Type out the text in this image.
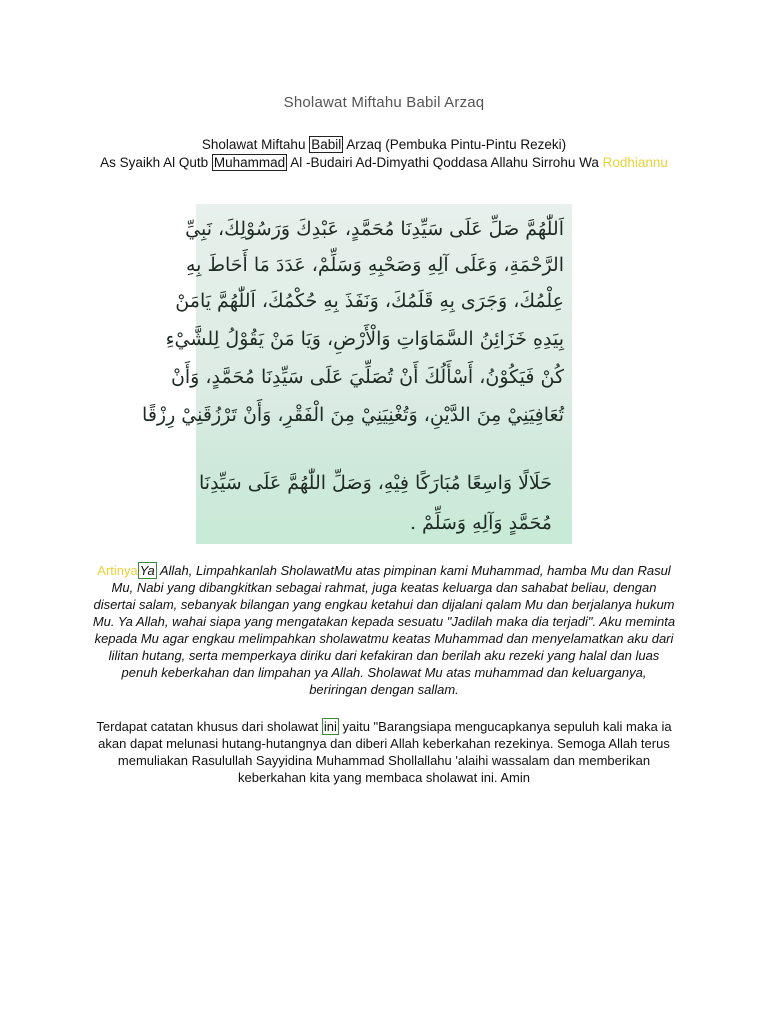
Sholawat Miftahu Babil Arzaq
Sholawat Miftahu Babil Arzaq (Pembuka Pintu-Pintu Rezeki)
As Syaikh Al Qutb Muhammad Al -Budairi Ad-Dimyathi Qoddasa Allahu Sirrohu Wa Rodhiannu
اَللّٰهُمَّ صَلِّ عَلَى سَيِّدِنَا مُحَمَّدٍ، عَبْدِكَ وَرَسُوْلِكَ، نَبِيِّ
الرَّحْمَةِ، وَعَلَى آلِهِ وَصَحْبِهِ وَسَلِّمْ، عَدَدَ مَا أَحَاطَ بِهِ
عِلْمُكَ، وَجَرَى بِهِ قَلَمُكَ، وَنَفَذَ بِهِ حُكْمُكَ، اَللّٰهُمَّ يَامَنْ
بِيَدِهِ خَزَائِنُ السَّمَاوَاتِ وَالْأَرْضِ، وَيَا مَنْ يَقُوْلُ لِلشَّيْءِ
كُنْ فَيَكُوْنُ، أَسْأَلُكَ أَنْ تُصَلِّيَ عَلَى سَيِّدِنَا مُحَمَّدٍ، وَأَنْ
تُعَافِيَنِيْ مِنَ الدَّيْنِ، وَتُغْنِيَنِيْ مِنَ الْفَقْرِ، وَأَنْ تَرْزُقَنِيْ رِزْقًا
حَلَالًا وَاسِعًا مُبَارَكًا فِيْهِ، وَصَلِّ اللّٰهُمَّ عَلَى سَيِّدِنَا
مُحَمَّدٍ وَآلِهِ وَسَلِّمْ .
Artinya Ya Allah, Limpahkanlah SholawatMu atas pimpinan kami Muhammad, hamba Mu dan Rasul Mu, Nabi yang dibangkitkan sebagai rahmat, juga keatas keluarga dan sahabat beliau, dengan disertai salam, sebanyak bilangan yang engkau ketahui dan dijalani qalam Mu dan berjalanya hukum Mu. Ya Allah, wahai siapa yang mengatakan kepada sesuatu "Jadilah maka dia terjadi". Aku meminta kepada Mu agar engkau melimpahkan sholawatmu keatas Muhammad dan menyelamatkan aku dari lilitan hutang, serta memperkaya diriku dari kefakiran dan berilah aku rezeki yang halal dan luas penuh keberkahan dan limpahan ya Allah. Sholawat Mu atas muhammad dan keluarganya, beriringan dengan sallam.
Terdapat catatan khusus dari sholawat ini yaitu "Barangsiapa mengucapkanya sepuluh kali maka ia akan dapat melunasi hutang-hutangnya dan diberi Allah keberkahan rezekinya. Semoga Allah terus memuliakan Rasulullah Sayyidina Muhammad Shollallahu 'alaihi wassalam dan memberikan keberkahan kita yang membaca sholawat ini. Amin
